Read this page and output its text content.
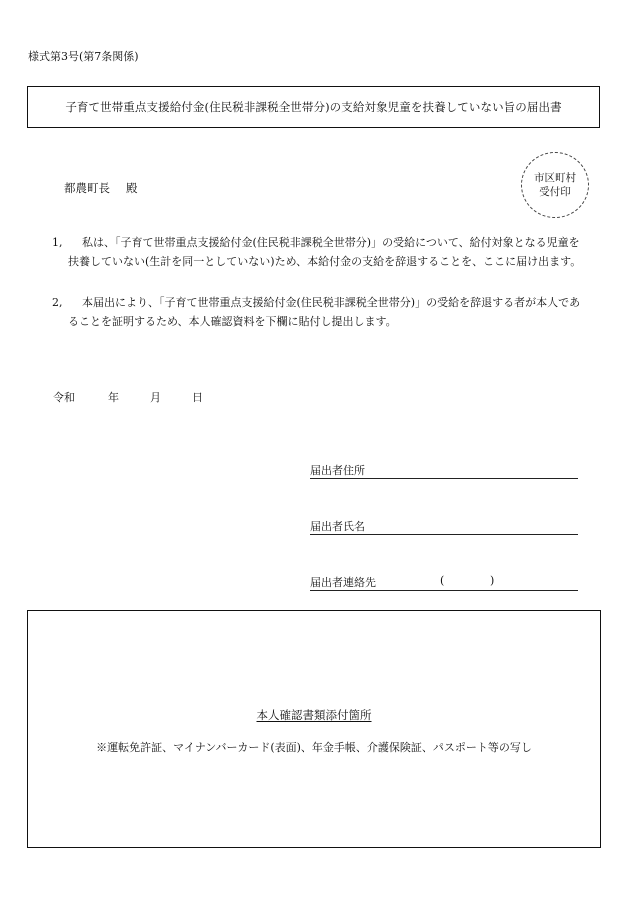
様式第3号(第7条関係)
子育て世帯重点支援給付金(住民税非課税全世帯分)の支給対象児童を扶養していない旨の届出書
都農町長 殿
市区町村
受付印
1,	私は、「子育て世帯重点支援給付金(住民税非課税全世帯分)」の受給について、給付対象となる児童を扶養していない(生計を同一としていない)ため、本給付金の支給を辞退することを、ここに届け出ます。
2,	本届出により、「子育て世帯重点支援給付金(住民税非課税全世帯分)」の受給を辞退する者が本人であることを証明するため、本人確認資料を下欄に貼付し提出します。
令和	年	月	日
届出者住所
届出者氏名
届出者連絡先	(	)
本人確認書類添付箇所
※運転免許証、マイナンバーカード(表面)、年金手帳、介護保険証、パスポート等の写し
